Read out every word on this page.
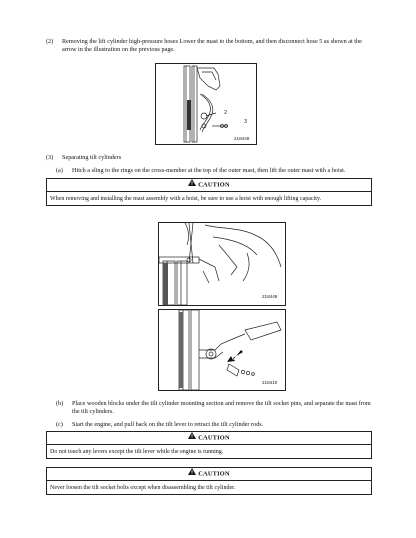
(2) Removing the lift cylinder high-pressure hoses Lower the mast to the bottom, and then disconnect hose 5 as shown at the arrow in the illustration on the previous page.
2
3
218448
(3) Separating tilt cylinders
(a) Hitch a sling to the rings on the cross-member at the top of the outer mast, then lift the outer mast with a hoist.
CAUTION
When removing and installing the mast assembly with a hoist, be sure to use a hoist with enough lifting capacity.
218449
218410
(b) Place wooden blocks under the tilt cylinder mounting section and remove the tilt socket pins, and separate the mast from the tilt cylinders.
(c) Start the engine, and pull back on the tilt lever to retract the tilt cylinder rods.
CAUTION
Do not touch any levers except the tilt lever while the engine is running.
CAUTION
Never loosen the tilt socket bolts except when disassembling the tilt cylinder.
